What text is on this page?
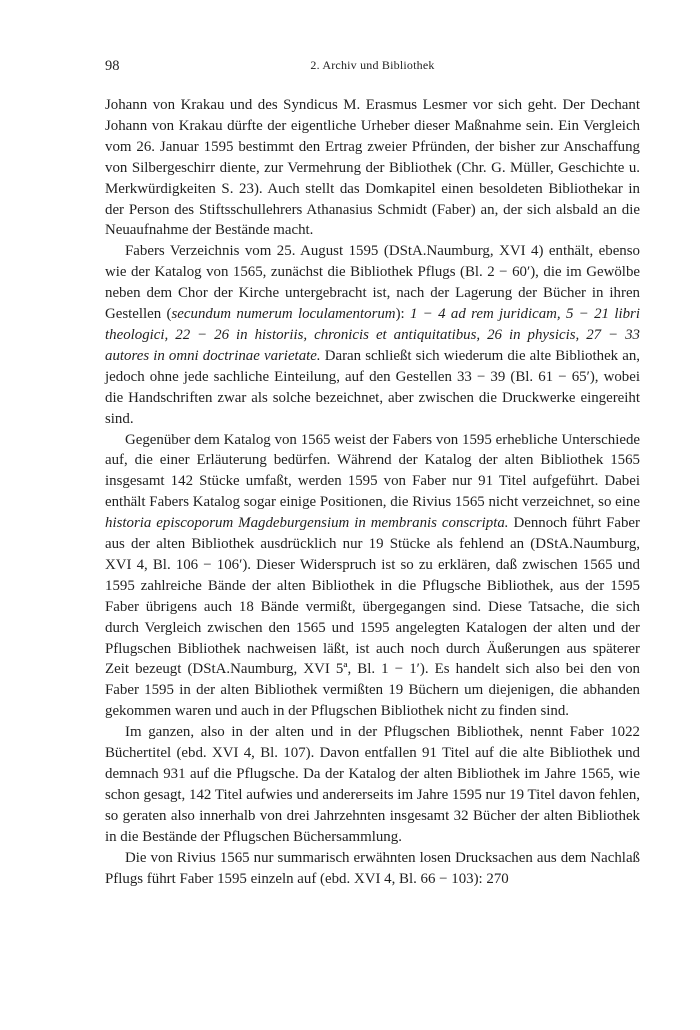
98	2. Archiv und Bibliothek

Johann von Krakau und des Syndicus M. Erasmus Lesmer vor sich geht. Der Dechant Johann von Krakau dürfte der eigentliche Urheber dieser Maßnahme sein. Ein Vergleich vom 26. Januar 1595 bestimmt den Ertrag zweier Pfründen, der bisher zur Anschaffung von Silbergeschirr diente, zur Vermehrung der Bibliothek (Chr. G. Müller, Geschichte u. Merkwürdigkeiten S. 23). Auch stellt das Domkapitel einen besoldeten Bibliothekar in der Person des Stiftsschullehrers Athanasius Schmidt (Faber) an, der sich alsbald an die Neuaufnahme der Bestände macht.

Fabers Verzeichnis vom 25. August 1595 (DStA.Naumburg, XVI 4) enthält, ebenso wie der Katalog von 1565, zunächst die Bibliothek Pflugs (Bl. 2 − 60′), die im Gewölbe neben dem Chor der Kirche untergebracht ist, nach der Lagerung der Bücher in ihren Gestellen (secundum numerum loculamentorum): 1 − 4 ad rem juridicam, 5 − 21 libri theologici, 22 − 26 in historiis, chronicis et antiquitatibus, 26 in physicis, 27 − 33 autores in omni doctrinae varietate. Daran schließt sich wiederum die alte Bibliothek an, jedoch ohne jede sachliche Einteilung, auf den Gestellen 33 − 39 (Bl. 61 − 65′), wobei die Handschriften zwar als solche bezeichnet, aber zwischen die Druckwerke eingereiht sind.

Gegenüber dem Katalog von 1565 weist der Fabers von 1595 erhebliche Unterschiede auf, die einer Erläuterung bedürfen. Während der Katalog der alten Bibliothek 1565 insgesamt 142 Stücke umfaßt, werden 1595 von Faber nur 91 Titel aufgeführt. Dabei enthält Fabers Katalog sogar einige Positionen, die Rivius 1565 nicht verzeichnet, so eine historia episcoporum Magdeburgensium in membranis conscripta. Dennoch führt Faber aus der alten Bibliothek ausdrücklich nur 19 Stücke als fehlend an (DStA.Naumburg, XVI 4, Bl. 106 − 106′). Dieser Widerspruch ist so zu erklären, daß zwischen 1565 und 1595 zahlreiche Bände der alten Bibliothek in die Pflugsche Bibliothek, aus der 1595 Faber übrigens auch 18 Bände vermißt, übergegangen sind. Diese Tatsache, die sich durch Vergleich zwischen den 1565 und 1595 angelegten Katalogen der alten und der Pflugschen Bibliothek nachweisen läßt, ist auch noch durch Äußerungen aus späterer Zeit bezeugt (DStA.Naumburg, XVI 5ª, Bl. 1 − 1′). Es handelt sich also bei den von Faber 1595 in der alten Bibliothek vermißten 19 Büchern um diejenigen, die abhanden gekommen waren und auch in der Pflugschen Bibliothek nicht zu finden sind.

Im ganzen, also in der alten und in der Pflugschen Bibliothek, nennt Faber 1022 Büchertitel (ebd. XVI 4, Bl. 107). Davon entfallen 91 Titel auf die alte Bibliothek und demnach 931 auf die Pflugsche. Da der Katalog der alten Bibliothek im Jahre 1565, wie schon gesagt, 142 Titel aufwies und andererseits im Jahre 1595 nur 19 Titel davon fehlen, so geraten also innerhalb von drei Jahrzehnten insgesamt 32 Bücher der alten Bibliothek in die Bestände der Pflugschen Büchersammlung.

Die von Rivius 1565 nur summarisch erwähnten losen Drucksachen aus dem Nachlaß Pflugs führt Faber 1595 einzeln auf (ebd. XVI 4, Bl. 66 − 103): 270
